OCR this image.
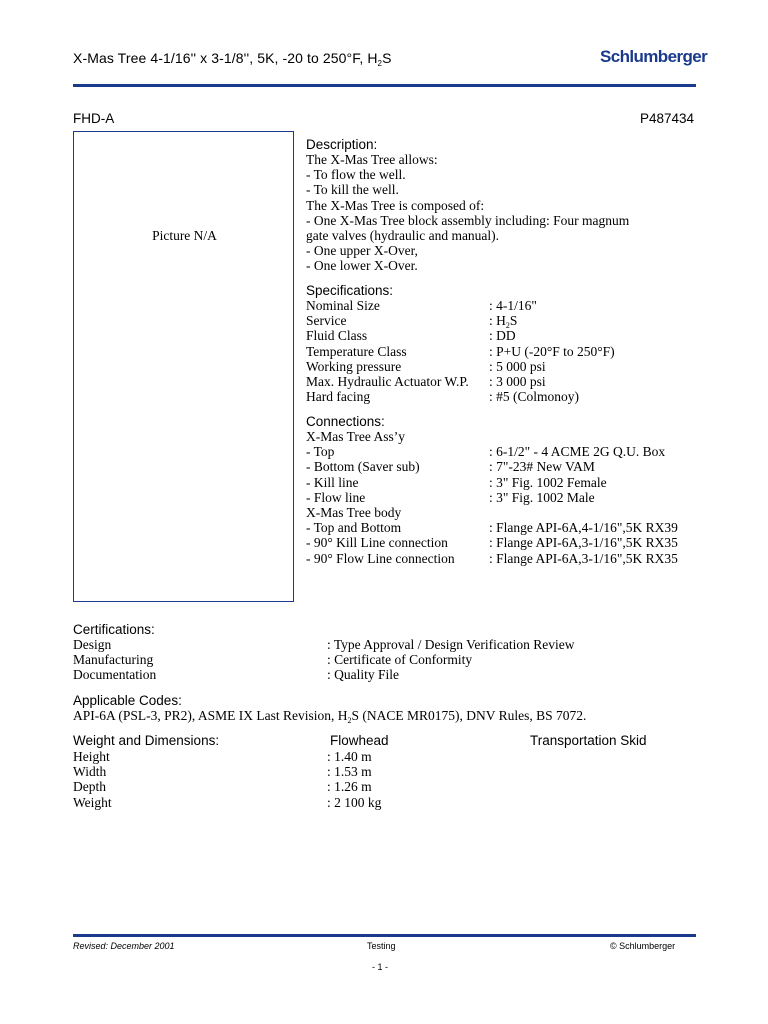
X-Mas Tree 4-1/16'' x 3-1/8'', 5K, -20 to 250°F, $H_2S$	Schlumberger
FHD-A	P487434
Picture N/A
Description:
The X-Mas Tree allows:
- To flow the well.
- To kill the well.
The X-Mas Tree is composed of:
- One X-Mas Tree block assembly including: Four magnum
gate valves (hydraulic and manual).
- One upper X-Over,
- One lower X-Over.
Specifications:
Nominal Size	: 4-1/16"
Service	: $H_2S$
Fluid Class	: DD
Temperature Class	: P+U (-20°F to 250°F)
Working pressure	: 5 000 psi
Max. Hydraulic Actuator W.P. : 3 000 psi
Hard facing	: #5 (Colmonoy)
Connections:
X-Mas Tree Ass’y
- Top	: 6-1/2" - 4 ACME 2G Q.U. Box
- Bottom (Saver sub)	: 7"-23# New VAM
- Kill line	: 3" Fig. 1002 Female
- Flow line	: 3" Fig. 1002 Male
X-Mas Tree body
- Top and Bottom	: Flange API-6A,4-1/16",5K RX39
- 90° Kill Line connection	: Flange API-6A,3-1/16",5K RX35
- 90° Flow Line connection	: Flange API-6A,3-1/16",5K RX35
Certifications:
Design	: Type Approval / Design Verification Review
Manufacturing	: Certificate of Conformity
Documentation	: Quality File
Applicable Codes:
API-6A (PSL-3, PR2), ASME IX Last Revision, $H_2S$ (NACE MR0175), DNV Rules, BS 7072.
Weight and Dimensions:	Flowhead	Transportation Skid
Height	: 1.40 m
Width	: 1.53 m
Depth	: 1.26 m
Weight	: 2 100 kg
Revised: December 2001	Testing	© Schlumberger
- 1 -
